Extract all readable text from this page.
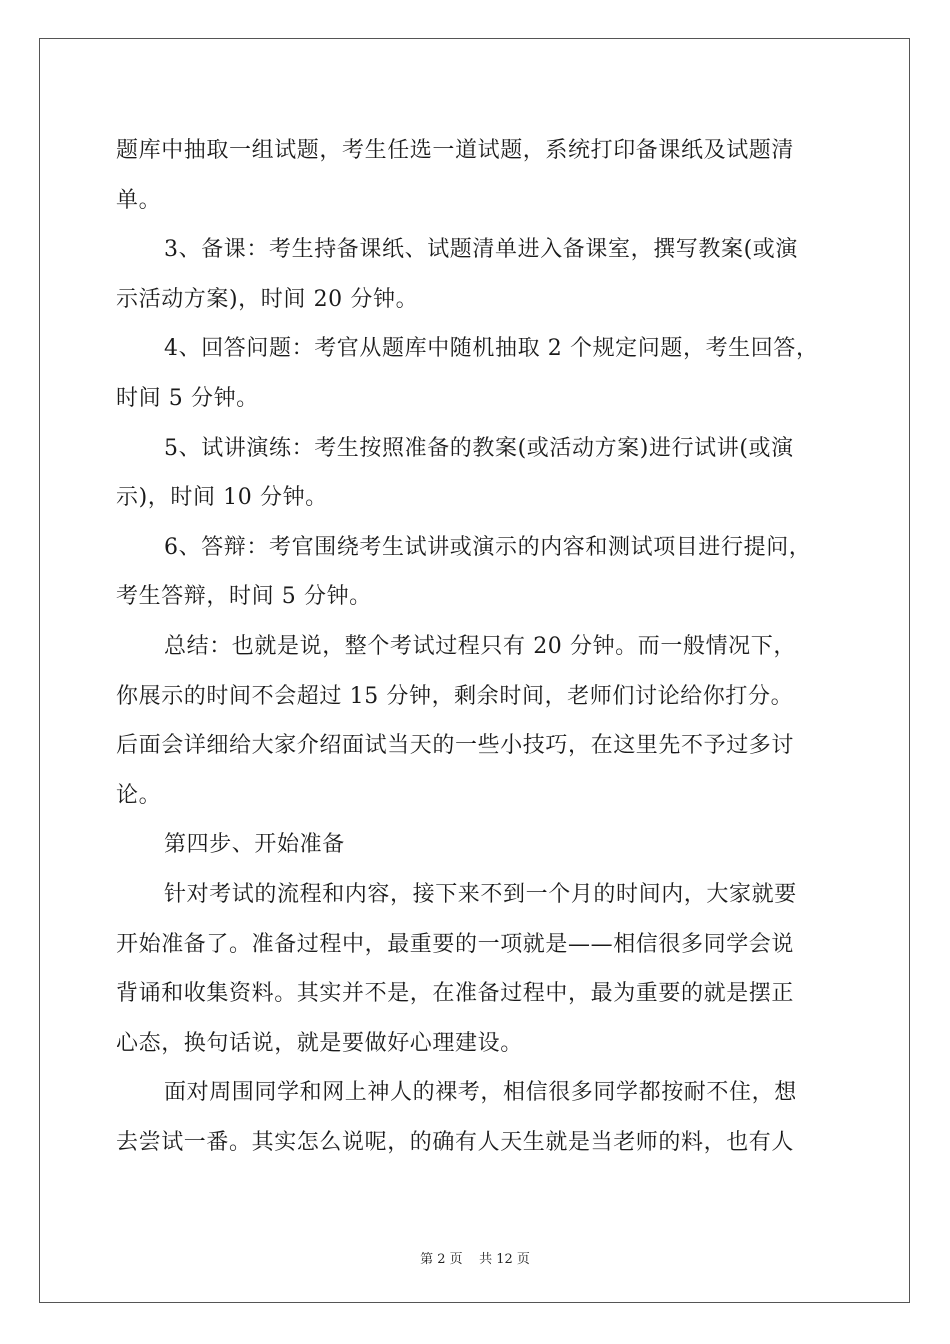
题库中抽取一组试题，考生任选一道试题，系统打印备课纸及试题清
单。
3、备课：考生持备课纸、试题清单进入备课室，撰写教案(或演
示活动方案)，时间 20 分钟。
4、回答问题：考官从题库中随机抽取 2 个规定问题，考生回答，
时间 5 分钟。
5、试讲演练：考生按照准备的教案(或活动方案)进行试讲(或演
示)，时间 10 分钟。
6、答辩：考官围绕考生试讲或演示的内容和测试项目进行提问，
考生答辩，时间 5 分钟。
总结：也就是说，整个考试过程只有 20 分钟。而一般情况下，
你展示的时间不会超过 15 分钟，剩余时间，老师们讨论给你打分。
后面会详细给大家介绍面试当天的一些小技巧，在这里先不予过多讨
论。
第四步、开始准备
针对考试的流程和内容，接下来不到一个月的时间内，大家就要
开始准备了。准备过程中，最重要的一项就是——相信很多同学会说
背诵和收集资料。其实并不是，在准备过程中，最为重要的就是摆正
心态，换句话说，就是要做好心理建设。
面对周围同学和网上神人的裸考，相信很多同学都按耐不住，想
去尝试一番。其实怎么说呢，的确有人天生就是当老师的料，也有人
第 2 页    共 12 页
